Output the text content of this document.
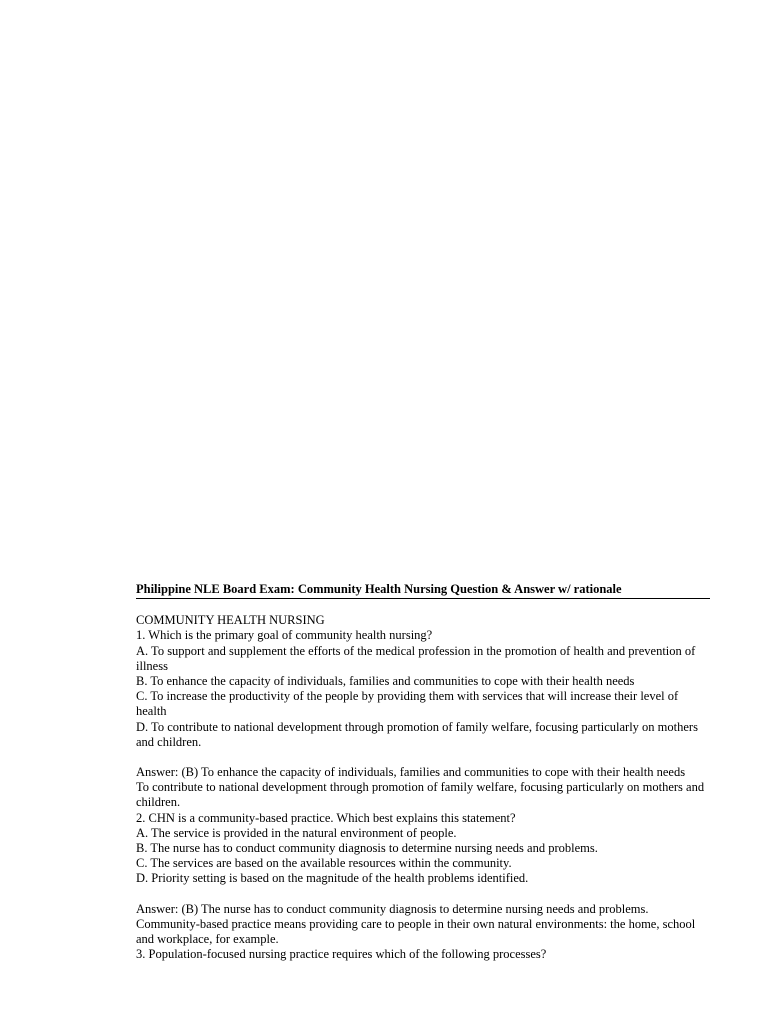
Philippine NLE Board Exam: Community Health Nursing Question & Answer w/ rationale

COMMUNITY HEALTH NURSING

1. Which is the primary goal of community health nursing?

A. To support and supplement the efforts of the medical profession in the promotion of health and prevention of illness

B. To enhance the capacity of individuals, families and communities to cope with their health needs

C. To increase the productivity of the people by providing them with services that will increase their level of health

D. To contribute to national development through promotion of family welfare, focusing particularly on mothers and children.

Answer: (B) To enhance the capacity of individuals, families and communities to cope with their health needs

To contribute to national development through promotion of family welfare, focusing particularly on mothers and children.

2. CHN is a community-based practice. Which best explains this statement?

A. The service is provided in the natural environment of people.

B. The nurse has to conduct community diagnosis to determine nursing needs and problems.

C. The services are based on the available resources within the community.

D. Priority setting is based on the magnitude of the health problems identified.

Answer: (B) The nurse has to conduct community diagnosis to determine nursing needs and problems.

Community-based practice means providing care to people in their own natural environments: the home, school and workplace, for example.

3. Population-focused nursing practice requires which of the following processes?
